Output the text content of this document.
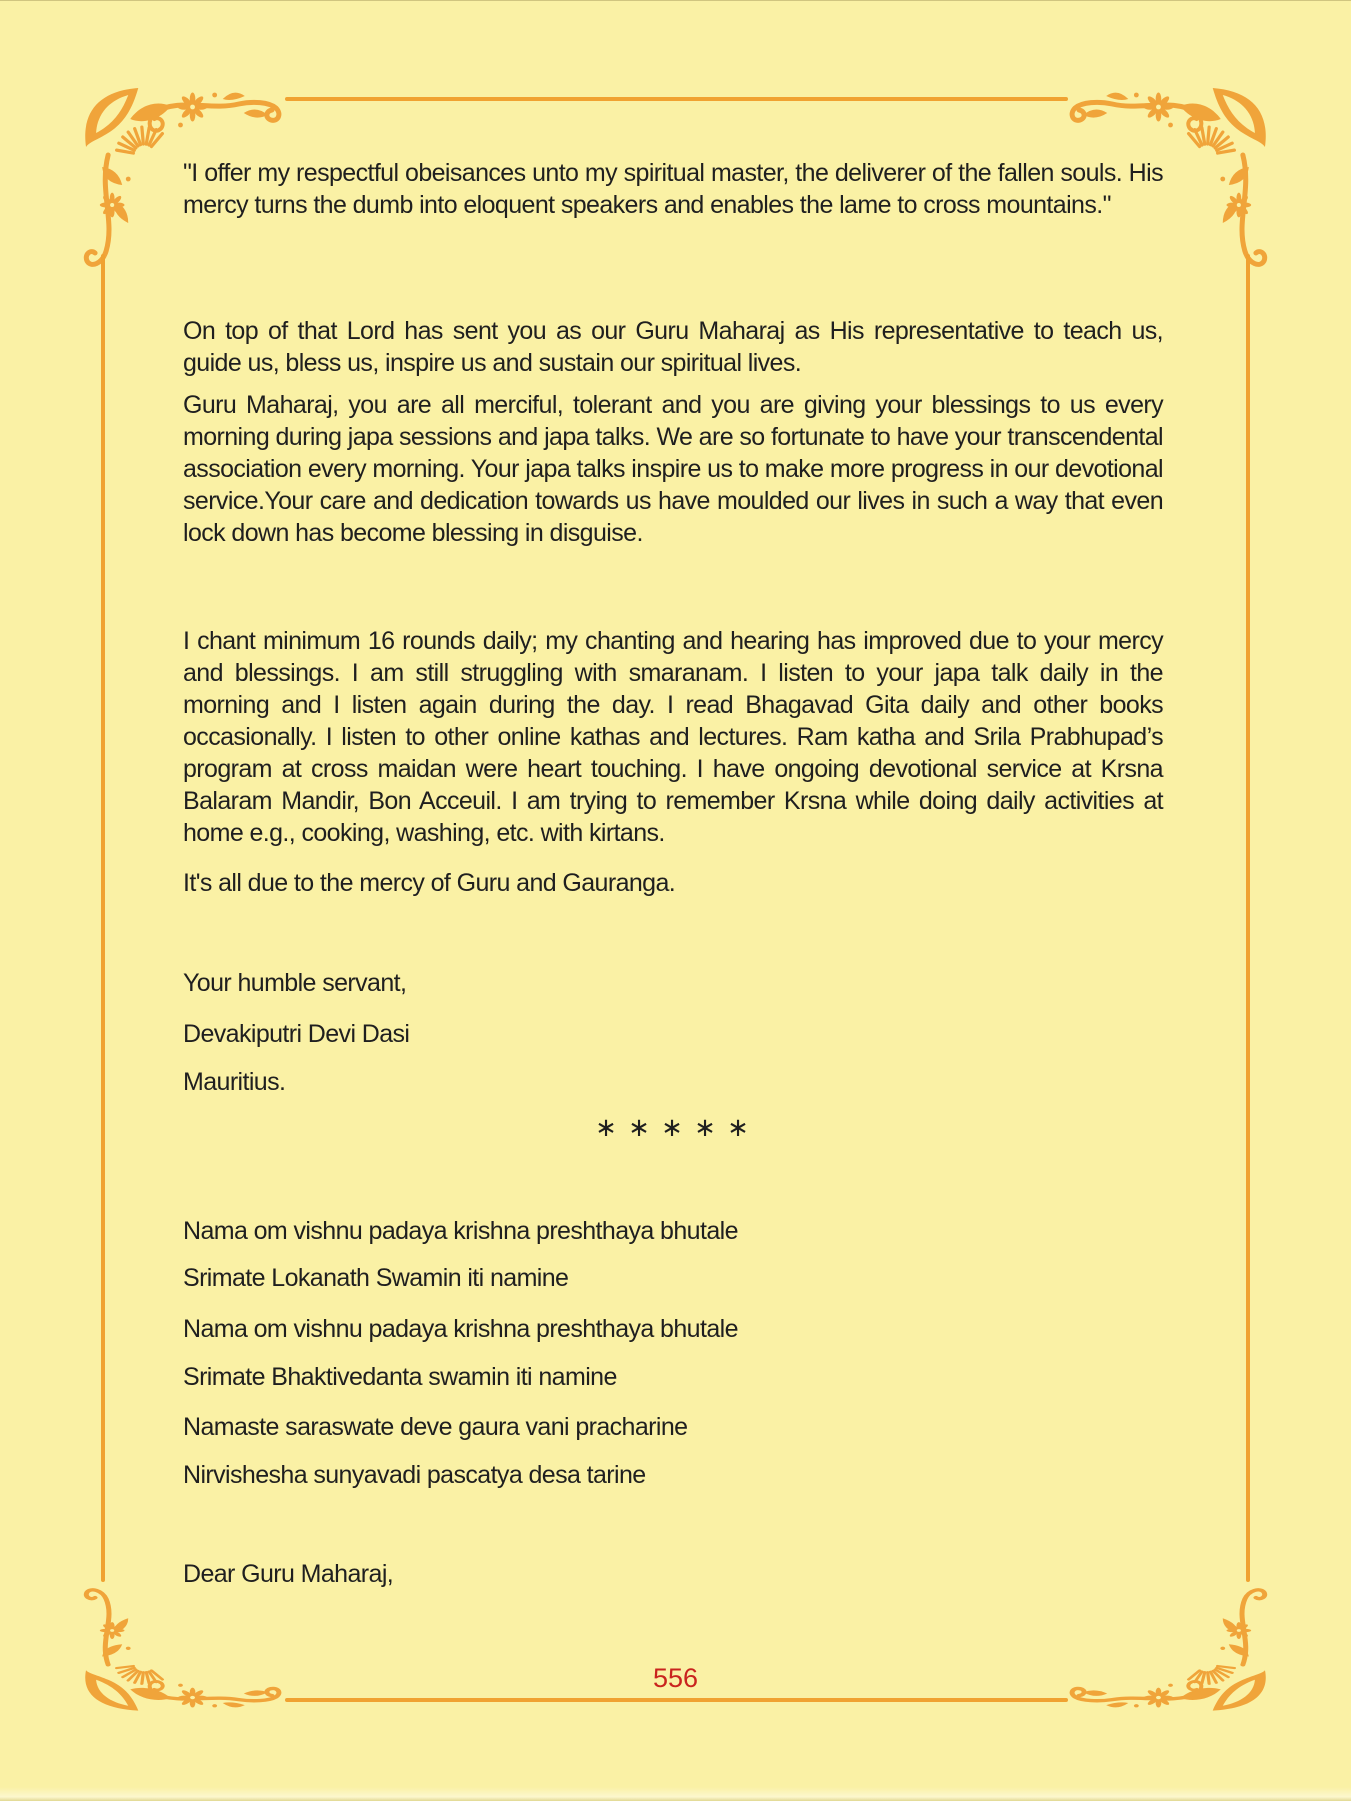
"I offer my respectful obeisances unto my spiritual master, the deliverer of the fallen souls. His mercy turns the dumb into eloquent speakers and enables the lame to cross mountains."
On top of that Lord has sent you as our Guru Maharaj as His representative to teach us, guide us, bless us, inspire us and sustain our spiritual lives.
Guru Maharaj, you are all merciful, tolerant and you are giving your blessings to us every morning during japa sessions and japa talks. We are so fortunate to have your transcendental association every morning. Your japa talks inspire us to make more progress in our devotional service.Your care and dedication towards us have moulded our lives in such a way that even lock down has become blessing in disguise.
I chant minimum 16 rounds daily; my chanting and hearing has improved due to your mercy and blessings. I am still struggling with smaranam. I listen to your japa talk daily in the morning and I listen again during the day. I read Bhagavad Gita daily and other books occasionally. I listen to other online kathas and lectures. Ram katha and Srila Prabhupad’s program at cross maidan were heart touching. I have ongoing devotional service at Krsna Balaram Mandir, Bon Acceuil. I am trying to remember Krsna while doing daily activities at home e.g., cooking, washing, etc. with kirtans.
It's all due to the mercy of Guru and Gauranga.
Your humble servant,
Devakiputri Devi Dasi
Mauritius.
∗ ∗ ∗ ∗ ∗
Nama om vishnu padaya krishna preshthaya bhutale
Srimate Lokanath Swamin iti namine
Nama om vishnu padaya krishna preshthaya bhutale
Srimate Bhaktivedanta swamin iti namine
Namaste saraswate deve gaura vani pracharine
Nirvishesha sunyavadi pascatya desa tarine
Dear Guru Maharaj,
556
